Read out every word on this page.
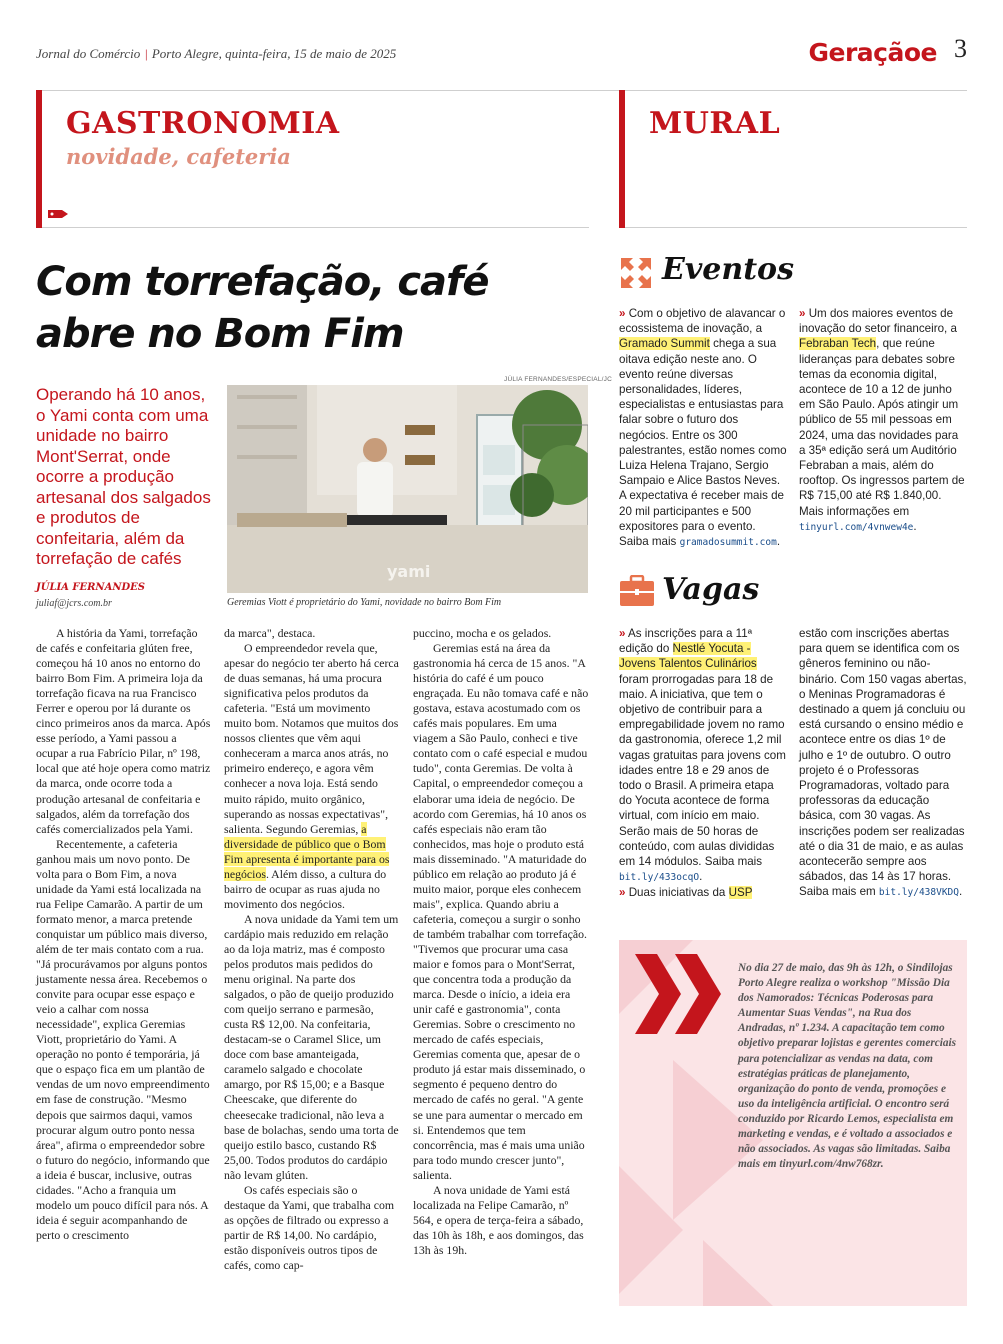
Jornal do Comércio | Porto Alegre, quinta-feira, 15 de maio de 2025	Geraçãoe 3
GASTRONOMIA
novidade, cafeteria
MURAL
Com torrefação, café
abre no Bom Fim
Operando há 10 anos, o Yami conta com uma unidade no bairro Mont'Serrat, onde ocorre a produção artesanal dos salgados e produtos de confeitaria, além da torrefação de cafés
JÚLIA FERNANDES
juliaf@jcrs.com.br
JÚLIA FERNANDES/ESPECIAL/JC
yami
Geremias Viott é proprietário do Yami, novidade no bairro Bom Fim

A história da Yami, torrefação de cafés e confeitaria glúten free, começou há 10 anos no entorno do bairro Bom Fim. A primeira loja da torrefação ficava na rua Francisco Ferrer e operou por lá durante os cinco primeiros anos da marca. Após esse período, a Yami passou a ocupar a rua Fabrício Pilar, nº 198, local que até hoje opera como matriz da marca, onde ocorre toda a produção artesanal de confeitaria e salgados, além da torrefação dos cafés comercializados pela Yami.

Recentemente, a cafeteria ganhou mais um novo ponto. De volta para o Bom Fim, a nova unidade da Yami está localizada na rua Felipe Camarão. A partir de um formato menor, a marca pretende conquistar um público mais diverso, além de ter mais contato com a rua. "Já procurávamos por alguns pontos justamente nessa área. Recebemos o convite para ocupar esse espaço e veio a calhar com nossa necessidade", explica Geremias Viott, proprietário do Yami. A operação no ponto é temporária, já que o espaço fica em um plantão de vendas de um novo empreendimento em fase de construção. "Mesmo depois que sairmos daqui, vamos procurar algum outro ponto nessa área", afirma o empreendedor sobre o futuro do negócio, informando que a ideia é buscar, inclusive, outras cidades. "Acho a franquia um modelo um pouco difícil para nós. A ideia é seguir acompanhando de perto o crescimento

da marca", destaca.

O empreendedor revela que, apesar do negócio ter aberto há cerca de duas semanas, há uma procura significativa pelos produtos da cafeteria. "Está um movimento muito bom. Notamos que muitos dos nossos clientes que vêm aqui conheceram a marca anos atrás, no primeiro endereço, e agora vêm conhecer a nova loja. Está sendo muito rápido, muito orgânico, superando as nossas expectativas", salienta. Segundo Geremias, a diversidade de público que o Bom Fim apresenta é importante para os negócios. Além disso, a cultura do bairro de ocupar as ruas ajuda no movimento dos negócios.

A nova unidade da Yami tem um cardápio mais reduzido em relação ao da loja matriz, mas é composto pelos produtos mais pedidos do menu original. Na parte dos salgados, o pão de queijo produzido com queijo serrano e parmesão, custa R$ 12,00. Na confeitaria, destacam-se o Caramel Slice, um doce com base amanteigada, caramelo salgado e chocolate amargo, por R$ 15,00; e a Basque Cheescake, que diferente do cheesecake tradicional, não leva a base de bolachas, sendo uma torta de queijo estilo basco, custando R$ 25,00. Todos produtos do cardápio não levam glúten.

Os cafés especiais são o destaque da Yami, que trabalha com as opções de filtrado ou expresso a partir de R$ 14,00. No cardápio, estão disponíveis outros tipos de cafés, como cap-

puccino, mocha e os gelados.

Geremias está na área da gastronomia há cerca de 15 anos. "A história do café é um pouco engraçada. Eu não tomava café e não gostava, estava acostumado com os cafés mais populares. Em uma viagem a São Paulo, conheci e tive contato com o café especial e mudou tudo", conta Geremias. De volta à Capital, o empreendedor começou a elaborar uma ideia de negócio. De acordo com Geremias, há 10 anos os cafés especiais não eram tão conhecidos, mas hoje o produto está mais disseminado. "A maturidade do público em relação ao produto já é muito maior, porque eles conhecem mais", explica. Quando abriu a cafeteria, começou a surgir o sonho de também trabalhar com torrefação. "Tivemos que procurar uma casa maior e fomos para o Mont'Serrat, que concentra toda a produção da marca. Desde o início, a ideia era unir café e gastronomia", conta Geremias. Sobre o crescimento no mercado de cafés especiais, Geremias comenta que, apesar de o produto já estar mais disseminado, o segmento é pequeno dentro do mercado de cafés no geral. "A gente se une para aumentar o mercado em si. Entendemos que tem concorrência, mas é mais uma união para todo mundo crescer junto", salienta.

A nova unidade de Yami está localizada na Felipe Camarão, nº 564, e opera de terça-feira a sábado, das 10h às 18h, e aos domingos, das 13h às 19h.

Eventos
» Com o objetivo de alavancar o ecossistema de inovação, a Gramado Summit chega a sua oitava edição neste ano. O evento reúne diversas personalidades, líderes, especialistas e entusiastas para falar sobre o futuro dos negócios. Entre os 300 palestrantes, estão nomes como Luiza Helena Trajano, Sergio Sampaio e Alice Bastos Neves. A expectativa é receber mais de 20 mil participantes e 500 expositores para o evento. Saiba mais gramadosummit.com.
» Um dos maiores eventos de inovação do setor financeiro, a Febraban Tech, que reúne lideranças para debates sobre temas da economia digital, acontece de 10 a 12 de junho em São Paulo. Após atingir um público de 55 mil pessoas em 2024, uma das novidades para a 35ª edição será um Auditório Febraban a mais, além do rooftop. Os ingressos partem de R$ 715,00 até R$ 1.840,00. Mais informações em tinyurl.com/4vnwew4e.
Vagas
» As inscrições para a 11ª edição do Nestlé Yocuta - Jovens Talentos Culinários foram prorrogadas para 18 de maio. A iniciativa, que tem o objetivo de contribuir para a empregabilidade jovem no ramo da gastronomia, oferece 1,2 mil vagas gratuitas para jovens com idades entre 18 e 29 anos de todo o Brasil. A primeira etapa do Yocuta acontece de forma virtual, com início em maio. Serão mais de 50 horas de conteúdo, com aulas divididas em 14 módulos. Saiba mais bit.ly/433ocqO.
» Duas iniciativas da USP
estão com inscrições abertas para quem se identifica com os gêneros feminino ou não-binário. Com 150 vagas abertas, o Meninas Programadoras é destinado a quem já concluiu ou está cursando o ensino médio e acontece entre os dias 1º de julho e 1º de outubro. O outro projeto é o Professoras Programadoras, voltado para professoras da educação básica, com 30 vagas. As inscrições podem ser realizadas até o dia 31 de maio, e as aulas acontecerão sempre aos sábados, das 14 às 17 horas. Saiba mais em bit.ly/438VKDQ.
No dia 27 de maio, das 9h às 12h, o Sindilojas Porto Alegre realiza o workshop "Missão Dia dos Namorados: Técnicas Poderosas para Aumentar Suas Vendas", na Rua dos Andradas, nº 1.234. A capacitação tem como objetivo preparar lojistas e gerentes comerciais para potencializar as vendas na data, com estratégias práticas de planejamento, organização do ponto de venda, promoções e uso da inteligência artificial. O encontro será conduzido por Ricardo Lemos, especialista em marketing e vendas, e é voltado a associados e não associados. As vagas são limitadas. Saiba mais em tinyurl.com/4nw768zr.
